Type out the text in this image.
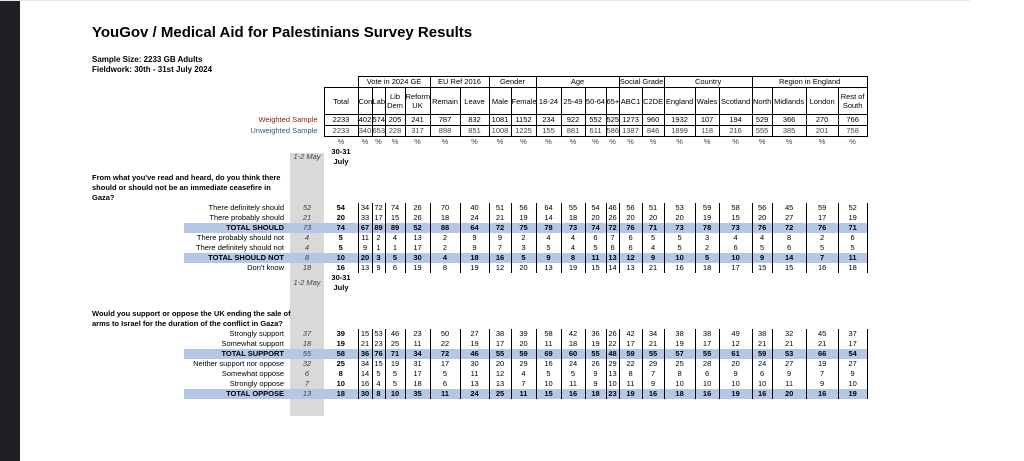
YouGov / Medical Aid for Palestinians Survey Results
Sample Size: 2233 GB Adults
Fieldwork: 30th - 31st July 2024
			Vote in 2024 GE				EU Ref 2016		Gender		Age				Social Grade		Country			Region in England			
		Total	Con	Lab	Lib Dem	Reform UK	Remain	Leave	Male	Female	18-24	25-49	50-64	65+	ABC1	C2DE	England	Wales	Scotland	North	Midlands	London	Rest of South
Weighted Sample		2233	402	574	205	241	787	832	1081	1152	234	922	552	525	1273	960	1932	107	194	529	366	270	766
Unweighted Sample		2233	340	653	228	317	898	851	1008	1225	155	881	611	586	1387	846	1899	118	216	555	385	201	758
		%	%	%	%	%	%	%	%	%	%	%	%	%	%	%	%	%	%	%	%	%	%
	1-2 May	30-31 July																					

From what you've read and heard, do you think there should or should not be an immediate ceasefire in Gaza?																							

There definitely should	52	54	34	72	74	26	70	40	51	56	64	55	54	46	56	51	53	59	58	56	45	59	52
There probably should	21	20	33	17	15	26	18	24	21	19	14	18	20	26	20	20	20	19	15	20	27	17	19
TOTAL SHOULD	73	74	67	89	89	52	88	64	72	75	78	73	74	72	76	71	73	78	73	76	72	76	71
There probably should not	4	5	11	2	4	13	2	9	9	2	4	4	6	7	6	5	5	3	4	4	8	2	6
There definitely should not	4	5	9	1	1	17	2	9	7	3	5	4	5	6	6	4	5	2	6	5	6	5	5
TOTAL SHOULD NOT	8	10	20	3	5	30	4	18	16	5	9	8	11	13	12	9	10	5	10	9	14	7	11
Don't know	18	16	13	9	6	19	8	19	12	20	13	19	15	14	13	21	16	18	17	15	15	16	18
	1-2 May	30-31 July																					

Would you support or oppose the UK ending the sale of arms to Israel for the duration of the conflict in Gaza?																							

Strongly support	37	39	15	53	46	23	50	27	38	39	58	42	36	26	42	34	38	38	49	38	32	45	37
Somewhat support	18	19	21	23	25	11	22	19	17	20	11	18	19	22	17	21	19	17	12	21	21	21	17
TOTAL SUPPORT	55	58	36	76	71	34	72	46	55	59	69	60	55	48	59	55	57	55	61	59	53	66	54
Neither support nor oppose	32	25	34	15	19	31	17	30	20	29	16	24	26	29	22	29	25	28	20	24	27	19	27
Somewhat oppose	6	8	14	5	5	17	5	11	12	4	5	5	9	13	8	7	8	6	9	6	9	7	9
Strongly oppose	7	10	16	4	5	18	6	13	13	7	10	11	9	10	11	9	10	10	10	10	11	9	10
TOTAL OPPOSE	13	18	30	8	10	35	11	24	25	11	15	16	18	23	19	16	18	16	19	16	20	16	19
